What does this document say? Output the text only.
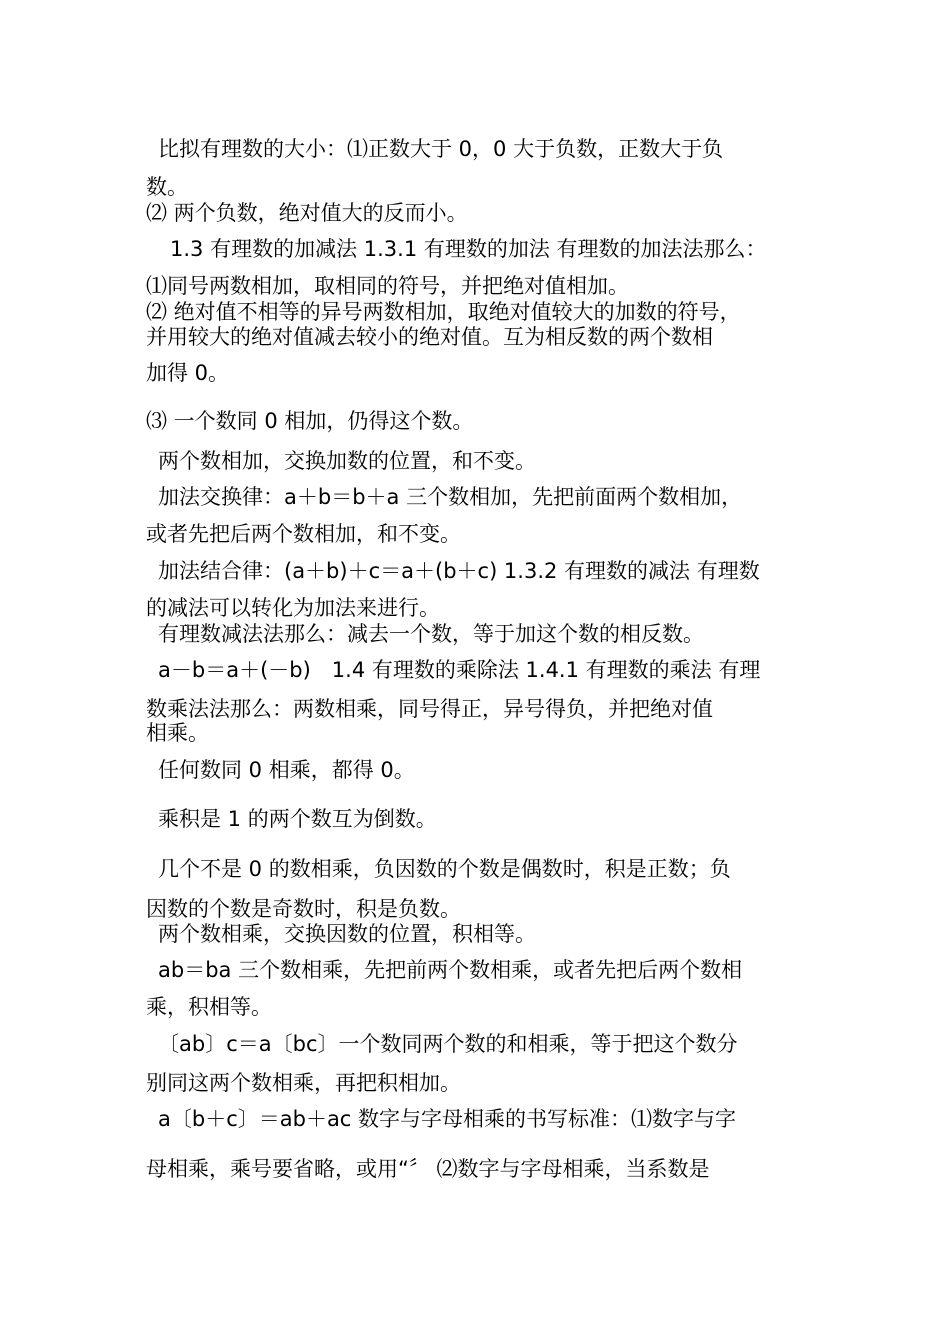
比拟有理数的大小：⑴正数大于 0，0 大于负数，正数大于负
数。
⑵ 两个负数，绝对值大的反而小。
1.3 有理数的加减法 1.3.1 有理数的加法 有理数的加法法那么：
⑴同号两数相加，取相同的符号，并把绝对值相加。
⑵ 绝对值不相等的异号两数相加，取绝对值较大的加数的符号，
并用较大的绝对值减去较小的绝对值。互为相反数的两个数相
加得 0。
⑶ 一个数同 0 相加，仍得这个数。
两个数相加，交换加数的位置，和不变。
加法交换律：a＋b＝b＋a 三个数相加，先把前面两个数相加，
或者先把后两个数相加，和不变。
加法结合律：(a＋b)＋c＝a＋(b＋c) 1.3.2 有理数的减法 有理数
的减法可以转化为加法来进行。
有理数减法法那么：减去一个数，等于加这个数的相反数。
a－b＝a＋(－b)　1.4 有理数的乘除法 1.4.1 有理数的乘法 有理
数乘法法那么：两数相乘，同号得正，异号得负，并把绝对值
相乘。
任何数同 0 相乘，都得 0。
乘积是 1 的两个数互为倒数。
几个不是 0 的数相乘，负因数的个数是偶数时，积是正数；负
因数的个数是奇数时，积是负数。
两个数相乘，交换因数的位置，积相等。
ab＝ba 三个数相乘，先把前两个数相乘，或者先把后两个数相
乘，积相等。
〔ab〕c＝a〔bc〕一个数同两个数的和相乘，等于把这个数分
别同这两个数相乘，再把积相加。
a〔b＋c〕＝ab＋ac 数字与字母相乘的书写标准：⑴数字与字
母相乘，乘号要省略，或用“〞 ⑵数字与字母相乘，当系数是
